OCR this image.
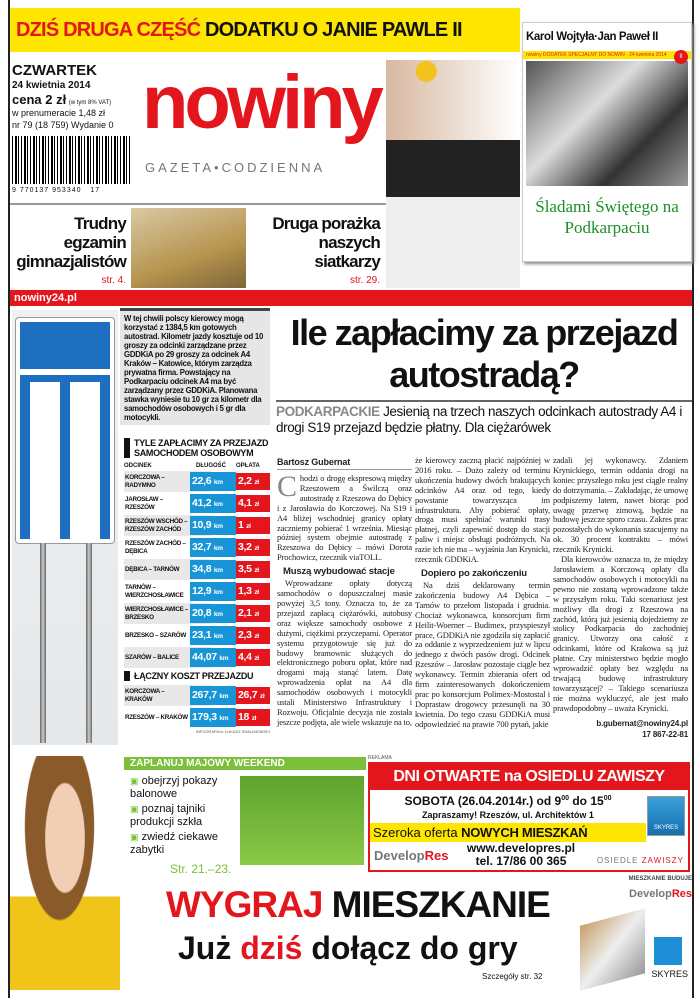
DZIŚ DRUGA CZĘŚĆ DODATKU O JANIE PAWLE II
CZWARTEK
24 kwietnia 2014
cena 2 zł (w tym 8% VAT)
w prenumeracie 1,48 zł
nr 79 (18 759) Wydanie 0
9 770137 953340   17
nowiny
GAZETA•CODZIENNA
Karol Wojtyła·Jan Paweł II
nowiny DODATEK SPECJALNY DO NOWIN · 24 kwietnia 2014	II
Śladami Świętego na Podkarpaciu
Trudny egzamin gimnazjalistów
str. 4.
Druga porażka naszych siatkarzy
str. 29.
nowiny24.pl
W tej chwili polscy kierowcy mogą korzystać z 1384,5 km gotowych autostrad. Kilometr jazdy kosztuje od 10 groszy za odcinki zarządzane przez GDDKiA po 29 groszy za odcinek A4 Kraków – Katowice, którym zarządza prywatna firma. Powstający na Podkarpaciu odcinek A4 ma być zarządzany przez GDDKiA. Planowana stawka wyniesie tu 10 gr za kilometr dla samochodów osobowych i 5 gr dla motocykli.
TYLE ZAPŁACIMY ZA PRZEJAZD SAMOCHODEM OSOBOWYM
ODCINEK	DŁUGOŚĆ	OPŁATA
KORCZOWA – RADYMNO	22,6 km	2,2 zł
JAROSŁAW – RZESZÓW	41,2 km	4,1 zł
RZESZÓW WSCHÓD – RZESZÓW ZACHÓD	10,9 km	1 zł
RZESZÓW ZACHÓD – DĘBICA	32,7 km	3,2 zł
DĘBICA – TARNÓW	34,8 km	3,5 zł
TARNÓW – WIERZCHOSŁAWICE 12,9 km	1,3 zł
WIERZCHOSŁAWICE – BRZESKO	20,8 km	2,1 zł
BRZESKO – SZARÓW 23,1 km	2,3 zł
SZARÓW – BALICE	44,07 km 4,4 zł
ŁĄCZNY KOSZT PRZEJAZDU
KORCZOWA – KRAKÓW	267,7 km 26,7 zł
RZESZÓW – KRAKÓW 179,3 km 18 zł
INFOGRAFIKA: ŁUKASZ SHALIMOWSKI
Ile zapłacimy za przejazd autostradą?
PODKARPACKIE Jesienią na trzech naszych odcinkach autostrady A4 i drogi S19 przejazd będzie płatny. Dla ciężarówek
Bartosz Gubernat

Chodzi o drogę ekspresową między Rzeszowem a Świlczą oraz autostradę z Rzeszowa do Dębicy i z Jarosławia do Korczowej. Na S19 i A4 bliżej wschodniej granicy opłaty zaczniemy pobierać 1 września. Miesiąc później system obejmie autostradę z Rzeszowa do Dębicy – mówi Dorota Prochowicz, rzecznik viaTOLL.

Muszą wybudować stacje

Wprowadzane opłaty dotyczą samochodów o dopuszczalnej masie powyżej 3,5 tony. Oznacza to, że za przejazd zapłacą ciężarówki, autobusy oraz większe samochody osobowe z dużymi, ciężkimi przyczepami. Operator systemu przygotowuje się już do budowy bramownic służących do elektronicznego poboru opłat, które nad drogami mają stanąć latem. Datę wprowadzenia opłat na A4 dla samochodów osobowych i motocykli ustali Ministerstwo Infrastruktury i Rozwoju. Oficjalnie decyzja nie została jeszcze podjęta, ale wiele wskazuje na to,

że kierowcy zaczną płacić najpóźniej w 2016 roku. – Dużo zależy od terminu ukończenia budowy dwóch brakujących odcinków A4 oraz od tego, kiedy powstanie towarzysząca im infrastruktura. Aby pobierać opłaty, droga musi spełniać warunki trasy płatnej, czyli zapewnić dostęp do stacji paliw i miejsc obsługi podróżnych. Na razie ich nie ma – wyjaśnia Jan Krynicki, rzecznik GDDKiA.

Dopiero po zakończeniu

Na dziś deklarowany termin zakończenia budowy A4 Dębica – Tarnów to przełom listopada i grudnia. Chociaż wykonawca, konsorcjum firm Heilit-Woerner – Budimex, przyspieszył prace, GDDKiA nie zgodziła się zapłacić za oddanie z wyprzedzeniem już w lipcu jednego z dwóch pasów drogi. Odcinek Rzeszów – Jarosław pozostaje ciągle bez wykonawcy. Termin zbierania ofert od firm zainteresowanych dokończeniem prac po konsorcjum Polimex-Mostostal i Doprastaw drogowcy przesunęli na 30 kwietnia. Do tego czasu GDDKiA musi odpowiedzieć na prawie 700 pytań, jakie

zadali jej wykonawcy. Zdaniem Krynickiego, termin oddania drogi na koniec przyszłego roku jest ciągle realny do dotrzymania. – Zakładając, że umowę podpiszemy latem, nawet biorąc pod uwagę przerwę zimową, będzie na budowę jeszcze sporo czasu. Zakres prac pozostałych do wykonania szacujemy na ok. 30 procent kontraktu – mówi rzecznik Krynicki.

Dla kierowców oznacza to, że między Jarosławiem a Korczową opłaty dla samochodów osobowych i motocykli na pewno nie zostaną wprowadzone także w przyszłym roku. Taki scenariusz jest możliwy dla drogi z Rzeszowa na zachód, którą już jesienią dojedziemy ze stolicy Podkarpacia do zachodniej granicy. Utworzy ona całość z odcinkami, które od Krakowa są już płatne. Czy ministerstwo będzie mogło wprowadzić opłaty bez względu na trwającą budowę infrastruktury towarzyszącej? – Takiego scenariusza nie można wykluczyć, ale jest mało prawdopodobny – uważa Krynicki.

b.gubernat@nowiny24.pl
17 867-22-81
ZAPLANUJ MAJOWY WEEKEND
▣ obejrzyj pokazy balonowe
▣ poznaj tajniki produkcji szkła
▣ zwiedź ciekawe zabytki
Str. 21.–23.
REKLAMA
DNI OTWARTE na OSIEDLU ZAWISZY
SOBOTA (26.04.2014r.) od $9^{00}$ do $15^{00}$
Zapraszamy! Rzeszów, ul. Architektów 1
Szeroka oferta NOWYCH MIESZKAŃ
DevelopRes	www.developres.pl
tel. 17/86 00 365
SKYRES
OSIEDLE ZAWISZY
WYGRAJ MIESZKANIE
Już dziś dołącz do gry
Szczegóły str. 32
MIESZKANIE BUDUJE
DevelopRes
SKYRES
